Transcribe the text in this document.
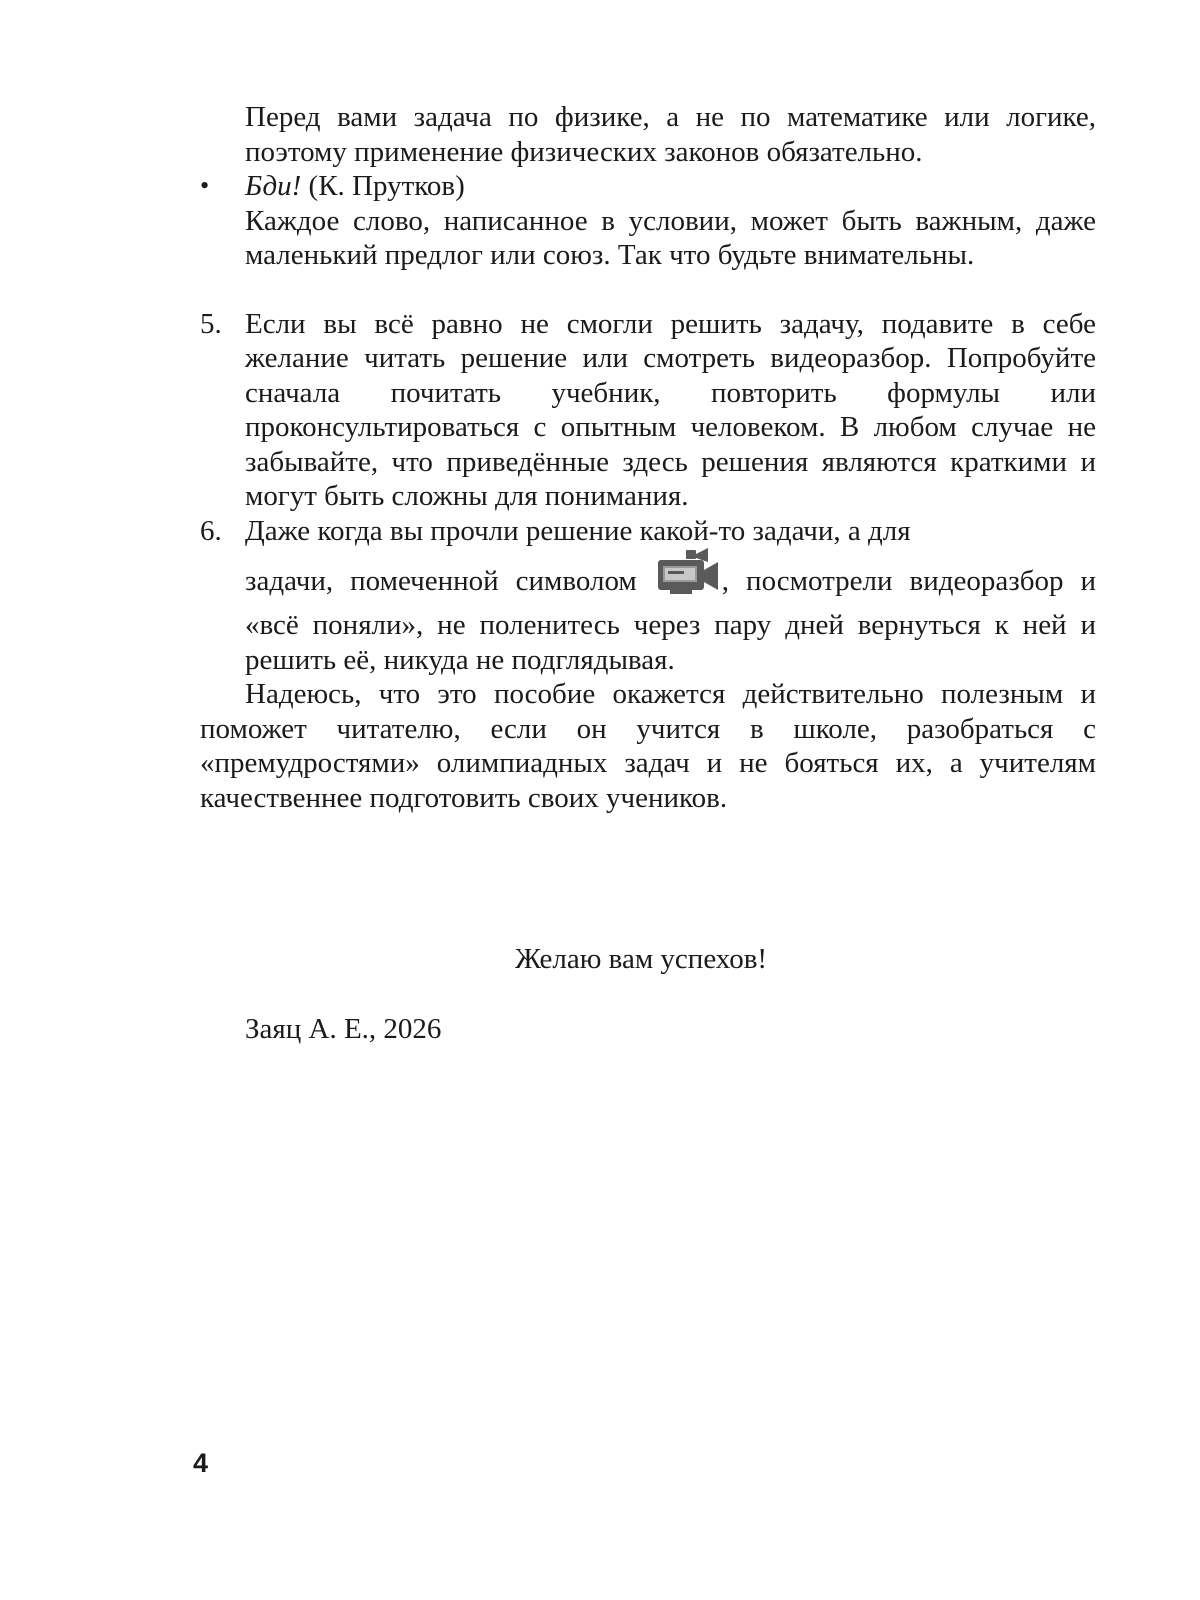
Перед вами задача по физике, а не по математике или логике, поэтому применение физических законов обязательно.

•	Бди! (К. Прутков)

Каждое слово, написанное в условии, может быть важным, даже маленький предлог или союз. Так что будьте внимательны.

5. Если вы всё равно не смогли решить задачу, подавите в себе желание читать решение или смотреть видеоразбор. Попробуйте сначала почитать учебник, повторить формулы или проконсультироваться с опытным человеком. В любом случае не забывайте, что приведённые здесь решения являются краткими и могут быть сложны для понимания.

6. Даже когда вы прочли решение какой-то задачи, а для

задачи, помеченной символом	, посмотрели видеоразбор и «всё поняли», не поленитесь через пару дней вернуться к ней и решить её, никуда не подглядывая.

Надеюсь, что это пособие окажется действительно полезным и поможет читателю, если он учится в школе, разобраться с «премудростями» олимпиадных задач и не бояться их, а учителям качественнее подготовить своих учеников.

Желаю вам успехов!
Заяц А. Е., 2026
4
